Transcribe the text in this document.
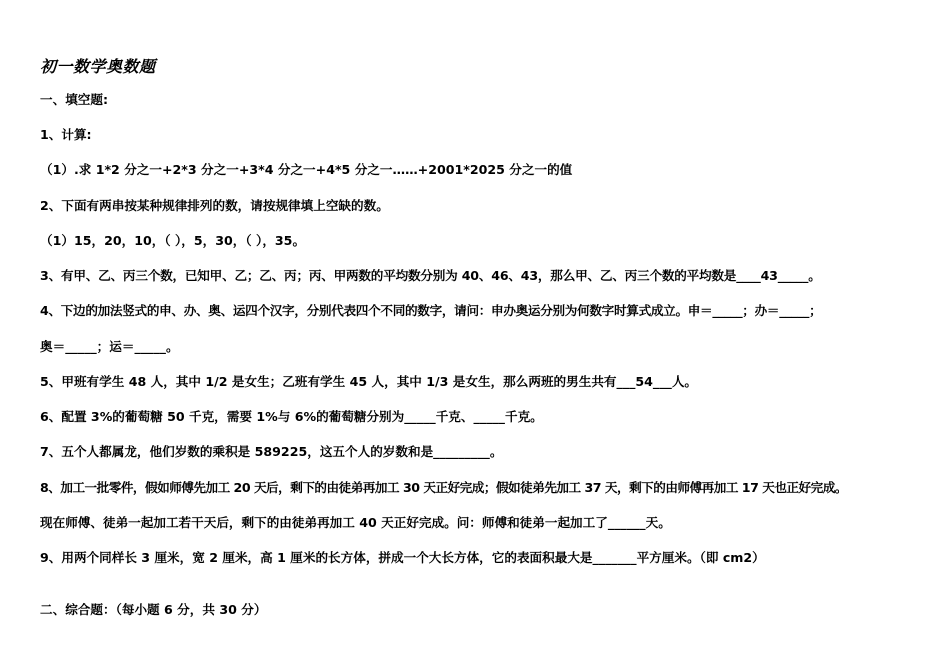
初一数学奥数题
一、填空题:
1、计算:
（1）.求 1*2 分之一+2*3 分之一+3*4 分之一+4*5 分之一……+2001*2025 分之一的值
2、下面有两串按某种规律排列的数，请按规律填上空缺的数。
（1）15，20，10，（ ），5，30，（ ），35。
3、有甲、乙、丙三个数，已知甲、乙；乙、丙；丙、甲两数的平均数分别为 40、46、43，那么甲、乙、丙三个数的平均数是____43_____。
4、下边的加法竖式的申、办、奥、运四个汉字，分别代表四个不同的数字，请问：申办奥运分别为何数字时算式成立。申＝_____；办＝_____；
奥＝_____；运＝_____。
5、甲班有学生 48 人，其中 1/2 是女生；乙班有学生 45 人，其中 1/3 是女生，那么两班的男生共有___54___人。
6、配置 3%的葡萄糖 50 千克，需要 1%与 6%的葡萄糖分别为_____千克、_____千克。
7、五个人都属龙，他们岁数的乘积是 589225，这五个人的岁数和是_________。
8、加工一批零件，假如师傅先加工 20 天后，剩下的由徒弟再加工 30 天正好完成；假如徒弟先加工 37 天，剩下的由师傅再加工 17 天也正好完成。
现在师傅、徒弟一起加工若干天后，剩下的由徒弟再加工 40 天正好完成。问：师傅和徒弟一起加工了______天。
9、用两个同样长 3 厘米，宽 2 厘米，高 1 厘米的长方体，拼成一个大长方体，它的表面积最大是_______平方厘米。（即 cm2）
二、综合题：（每小题 6 分，共 30 分）
